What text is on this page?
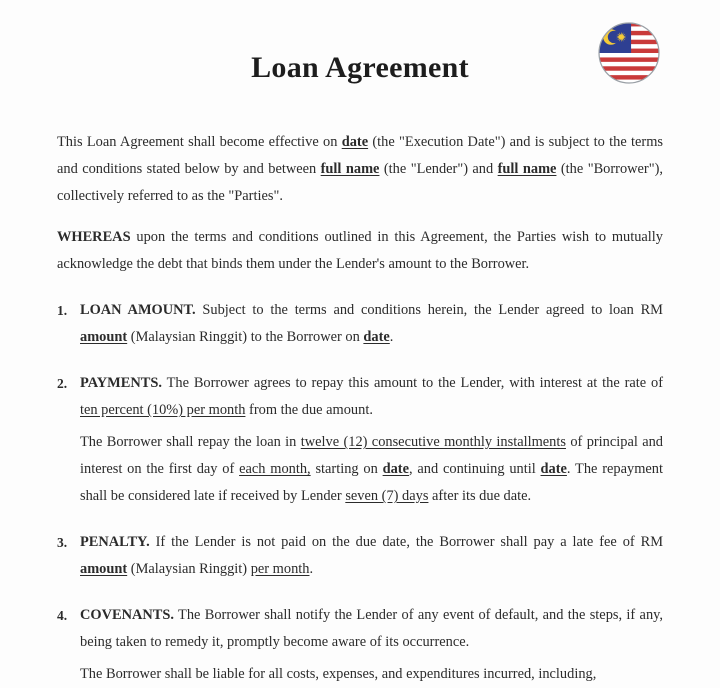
Loan Agreement

This Loan Agreement shall become effective on date (the "Execution Date") and is subject to the terms and conditions stated below by and between full name (the "Lender") and full name (the "Borrower"), collectively referred to as the "Parties".

WHEREAS upon the terms and conditions outlined in this Agreement, the Parties wish to mutually acknowledge the debt that binds them under the Lender's amount to the Borrower.

1. LOAN AMOUNT. Subject to the terms and conditions herein, the Lender agreed to loan RM amount (Malaysian Ringgit) to the Borrower on date.

2. PAYMENTS. The Borrower agrees to repay this amount to the Lender, with interest at the rate of ten percent (10%) per month from the due amount.

The Borrower shall repay the loan in twelve (12) consecutive monthly installments of principal and interest on the first day of each month, starting on date, and continuing until date. The repayment shall be considered late if received by Lender seven (7) days after its due date.

3. PENALTY. If the Lender is not paid on the due date, the Borrower shall pay a late fee of RM amount (Malaysian Ringgit) per month.

4. COVENANTS. The Borrower shall notify the Lender of any event of default, and the steps, if any, being taken to remedy it, promptly become aware of its occurrence.

The Borrower shall be liable for all costs, expenses, and expenditures incurred, including,
